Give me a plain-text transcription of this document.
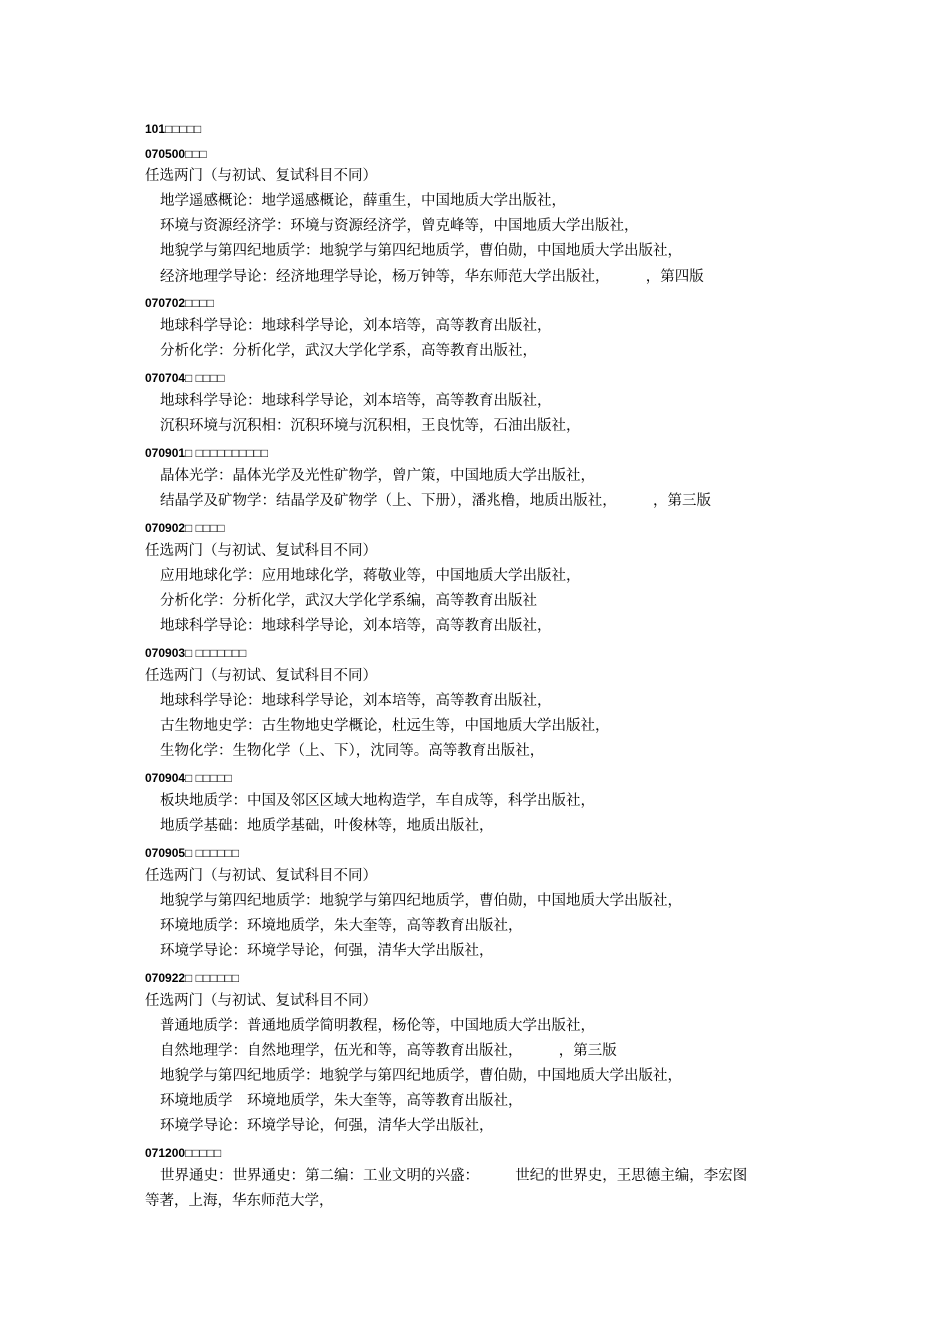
101□□□□□
070500□□□
任选两门（与初试、复试科目不同）
地学遥感概论：地学遥感概论，薛重生，中国地质大学出版社，
环境与资源经济学：环境与资源经济学，曾克峰等，中国地质大学出版社，
地貌学与第四纪地质学：地貌学与第四纪地质学，曹伯勋，中国地质大学出版社，
经济地理学导论：经济地理学导论，杨万钟等，华东师范大学出版社，　　　，第四版
070702□□□□
地球科学导论：地球科学导论，刘本培等，高等教育出版社，
分析化学：分析化学，武汉大学化学系，高等教育出版社，
070704□ □□□□
地球科学导论：地球科学导论，刘本培等，高等教育出版社，
沉积环境与沉积相：沉积环境与沉积相，王良忱等，石油出版社，
070901□ □□□□□□□□□□
晶体光学：晶体光学及光性矿物学，曾广策，中国地质大学出版社，
结晶学及矿物学：结晶学及矿物学（上、下册），潘兆橹，地质出版社，　　　，第三版
070902□ □□□□
任选两门（与初试、复试科目不同）
应用地球化学：应用地球化学，蒋敬业等，中国地质大学出版社，
分析化学：分析化学，武汉大学化学系编，高等教育出版社
地球科学导论：地球科学导论，刘本培等，高等教育出版社，
070903□ □□□□□□□
任选两门（与初试、复试科目不同）
地球科学导论：地球科学导论，刘本培等，高等教育出版社，
古生物地史学：古生物地史学概论，杜远生等，中国地质大学出版社，
生物化学：生物化学（上、下），沈同等。高等教育出版社，
070904□ □□□□□
板块地质学：中国及邻区区域大地构造学，车自成等，科学出版社，
地质学基础：地质学基础，叶俊林等，地质出版社，
070905□ □□□□□□
任选两门（与初试、复试科目不同）
地貌学与第四纪地质学：地貌学与第四纪地质学，曹伯勋，中国地质大学出版社，
环境地质学：环境地质学，朱大奎等，高等教育出版社，
环境学导论：环境学导论，何强，清华大学出版社，
070922□ □□□□□□
任选两门（与初试、复试科目不同）
普通地质学：普通地质学简明教程，杨伦等，中国地质大学出版社，
自然地理学：自然地理学，伍光和等，高等教育出版社，　　　，第三版
地貌学与第四纪地质学：地貌学与第四纪地质学，曹伯勋，中国地质大学出版社，
环境地质学　环境地质学，朱大奎等，高等教育出版社，
环境学导论：环境学导论，何强，清华大学出版社，
071200□□□□□
世界通史：世界通史：第二编：工业文明的兴盛：　　　世纪的世界史，王思德主编，李宏图
等著，上海，华东师范大学，
